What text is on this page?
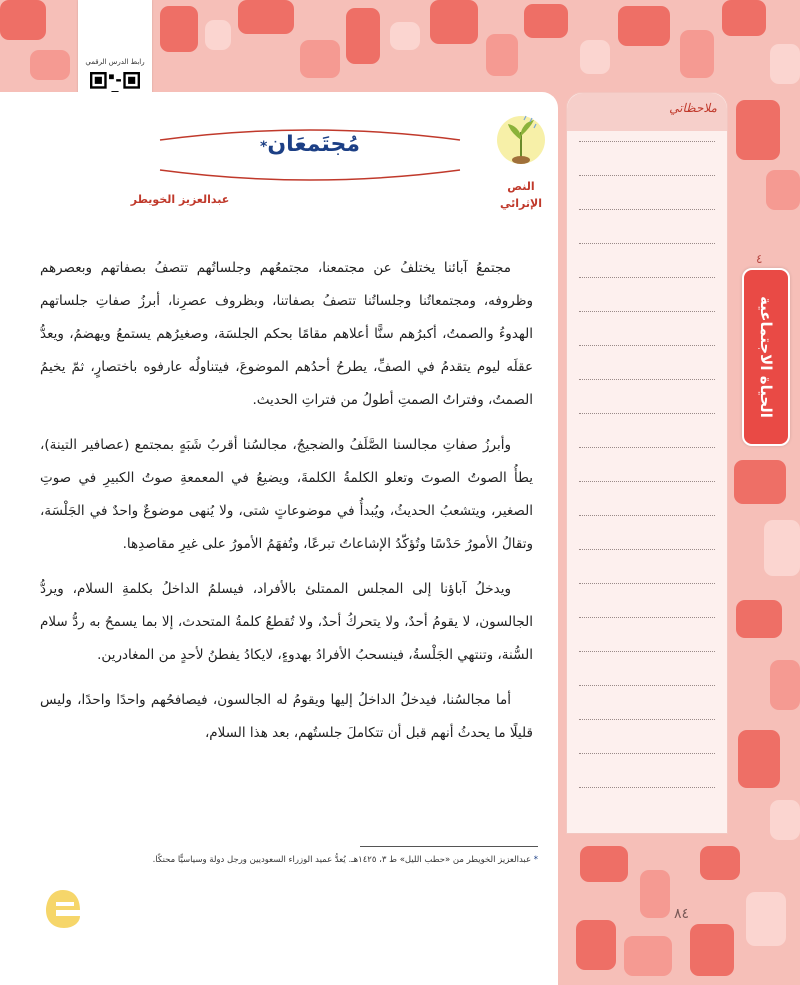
رابط الدرس الرقمي
مُجتَمعَان*
عبدالعزيز الخويطر
النص
الإثرائي

مجتمعُ آبائنا يختلفُ عن مجتمعنا، مجتمعُهم وجلساتُهم تتصفُ بصفاتهم وبعصرهم وظروفه، ومجتمعاتُنا وجلساتُنا تتصفُ بصفاتنا، وبظروف عصرِنا، أبرزُ صفاتِ جلساتهم الهدوءُ والصمتُ، أكبرُهم سنًّا أعلاهم مقامًا بحكم الجلسَة، وصغيرُهم يستمعُ ويهضمُ، ويعدُّ عقلَه ليوم يتقدمُ في الصفِّ، يطرحُ أحدُهم الموضوعَ، فيتناولُه عارفوه باختصارٍ، ثمّ يخيمُ الصمتُ، وفتراتُ الصمتِ أطولُ من فتراتِ الحديث.

وأبرزُ صفاتِ مجالسنا الصَّلَفُ والضجيجُ، مجالسُنا أقربُ شَبَهٍ بمجتمع (عصافير التينة)، يطأُ الصوتُ الصوتَ وتعلو الكلمةُ الكلمةَ، ويضيعُ في المعمعةِ صوتُ الكبيرِ في صوتِ الصغير، ويتشعبُ الحديثُ، ويُبدأُ في موضوعاتٍ شتى، ولا يُنهى موضوعٌ واحدٌ في الجَلْسَة، وتقالُ الأمورُ حَدْسًا وتُؤكّدُ الإشاعاتُ تبرعًا، وتُفهَمُ الأمورُ على غيرِ مقاصدِها.

ويدخلُ آباؤنا إلى المجلس الممتلئ بالأفراد، فيسلمُ الداخلُ بكلمةِ السلام، ويردُّ الجالسون، لا يقومُ أحدٌ، ولا يتحركُ أحدٌ، ولا تُقطعُ كلمةُ المتحدث، إلا بما يسمحُ به ردُّ سلام السُّنة، وتنتهي الجَلْسةُ، فينسحبُ الأفرادُ بهدوءٍ، لايكادُ يفطنُ لأحدٍ من المغادرين.

أما مجالسُنا، فيدخلُ الداخلُ إليها ويقومُ له الجالسون، فيصافحُهم واحدًا واحدًا، وليس قليلًا ما يحدثُ أنهم قبل أن تتكاملَ جلستُهم، بعد هذا السلام،

* عبدالعزيز الخويطر من «حطب الليل» ط ٣، ١٤٢٥هـ. يُعدُّ عميد الوزراء السعوديين ورجل دولة وسياسيًّا محنكًا.
ملاحظاتي
٤
الحياة الاجتماعية
٨٤
